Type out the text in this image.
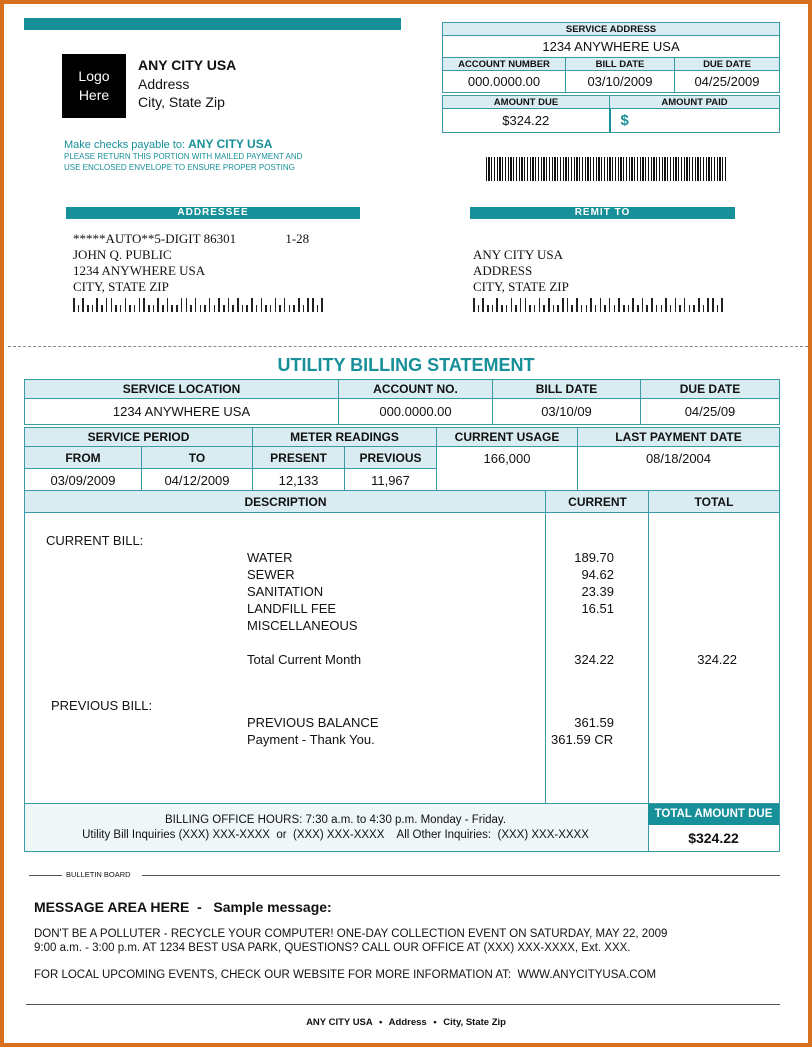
Logo
Here
ANY CITY USA
Address
City, State Zip
Make checks payable to: ANY CITY USA
PLEASE RETURN THIS PORTION WITH MAILED PAYMENT AND
USE ENCLOSED ENVELOPE TO ENSURE PROPER POSTING
SERVICE ADDRESS		
1234 ANYWHERE USA		
ACCOUNT NUMBER	BILL DATE	DUE DATE
000.0000.00	03/10/2009	04/25/2009
AMOUNT DUE	AMOUNT PAID
$324.22	$
ADDRESSEE	REMIT TO
*****AUTO**5-DIGIT 86301	1-28
JOHN Q. PUBLIC
1234 ANYWHERE USA
CITY, STATE ZIP
ANY CITY USA
ADDRESS
CITY, STATE ZIP
UTILITY BILLING STATEMENT
SERVICE LOCATION	ACCOUNT NO.	BILL DATE	DUE DATE
1234 ANYWHERE USA	000.0000.00	03/10/09	04/25/09
SERVICE PERIOD		METER READINGS		CURRENT USAGE	LAST PAYMENT DATE
FROM	TO	PRESENT	PREVIOUS	166,000	08/18/2004
03/09/2009	04/12/2009	12,133	11,967		
DESCRIPTION	CURRENT	TOTAL
CURRENT BILL:
WATER	189.70
SEWER	94.62
SANITATION	23.39
LANDFILL FEE	16.51
MISCELLANEOUS
Total Current Month	324.22	324.22
PREVIOUS BILL:
PREVIOUS BALANCE	361.59
Payment - Thank You.	361.59 CR
BILLING OFFICE HOURS: 7:30 a.m. to 4:30 p.m. Monday - Friday.
Utility Bill Inquiries (XXX) XXX-XXXX  or  (XXX) XXX-XXXX    All Other Inquiries:  (XXX) XXX-XXXX
TOTAL AMOUNT DUE
$324.22
BULLETIN BOARD
MESSAGE AREA HERE  -   Sample message:
DON'T BE A POLLUTER - RECYCLE YOUR COMPUTER! ONE-DAY COLLECTION EVENT ON SATURDAY, MAY 22, 2009
9:00 a.m. - 3:00 p.m. AT 1234 BEST USA PARK, QUESTIONS? CALL OUR OFFICE AT (XXX) XXX-XXXX, Ext. XXX.
FOR LOCAL UPCOMING EVENTS, CHECK OUR WEBSITE FOR MORE INFORMATION AT:  WWW.ANYCITYUSA.COM
ANY CITY USA • Address • City, State Zip
